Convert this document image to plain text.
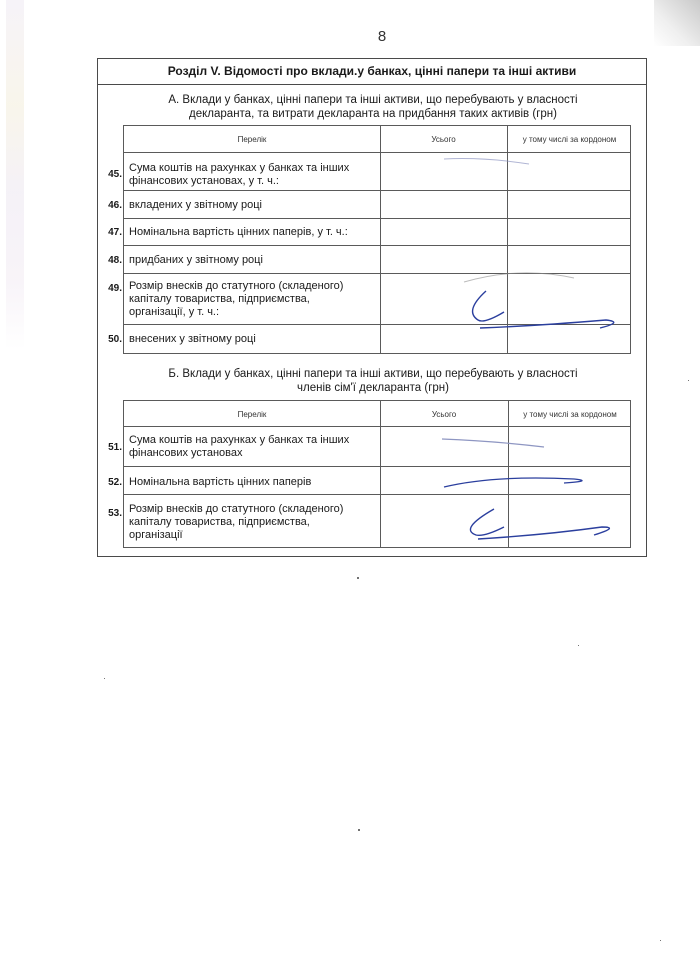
8
Розділ V. Відомості про вклади.у банках, цінні папери та інші активи
А. Вклади у банках, цінні папери та інші активи, що перебувають у власності
декларанта, та витрати декларанта на придбання таких активів (грн)
Перелік	Усього	у тому числі за кордоном
45.
Сума коштів на рахунках у банках та інших
фінансових установах, у т. ч.:
46. вкладених у звітному році
47. Номінальна вартість цінних паперів, у т. ч.:
48. придбаних у звітному році
49. Розмір внесків до статутного (складеного)
капіталу товариства, підприємства,
організації, у т. ч.:
50. внесених у звітному році
Б. Вклади у банках, цінні папери та інші активи, що перебувають у власності
членів сім'ї декларанта (грн)
Перелік	Усього	у тому числі за кордоном
51.
Сума коштів на рахунках у банках та інших
фінансових установах
52. Номінальна вартість цінних паперів
53. Розмір внесків до статутного (складеного)
капіталу товариства, підприємства,
організації
